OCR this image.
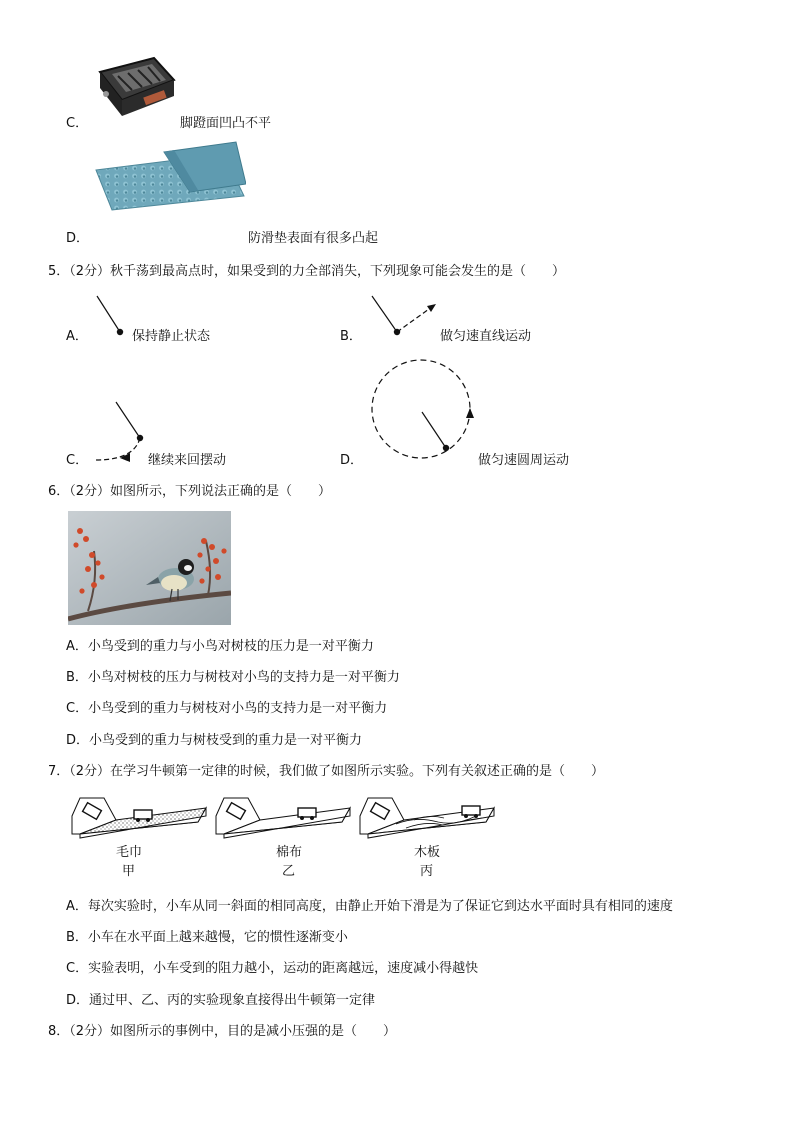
C．	脚蹬面凹凸不平
D．	防滑垫表面有很多凸起
5．（2分）秋千荡到最高点时，如果受到的力全部消失，下列现象可能会发生的是（　　）
A．	保持静止状态	B．	做匀速直线运动
C．	继续来回摆动	D．	做匀速圆周运动
6．（2分）如图所示，下列说法正确的是（　　）
A．小鸟受到的重力与小鸟对树枝的压力是一对平衡力
B．小鸟对树枝的压力与树枝对小鸟的支持力是一对平衡力
C．小鸟受到的重力与树枝对小鸟的支持力是一对平衡力
D．小鸟受到的重力与树枝受到的重力是一对平衡力
7．（2分）在学习牛顿第一定律的时候，我们做了如图所示实验。下列有关叙述正确的是（　　）
毛巾
甲
棉布
乙
木板
丙
A．每次实验时，小车从同一斜面的相同高度，由静止开始下滑是为了保证它到达水平面时具有相同的速度
B．小车在水平面上越来越慢，它的惯性逐渐变小
C．实验表明，小车受到的阻力越小，运动的距离越远，速度减小得越快
D．通过甲、乙、丙的实验现象直接得出牛顿第一定律
8．（2分）如图所示的事例中，目的是减小压强的是（　　）
